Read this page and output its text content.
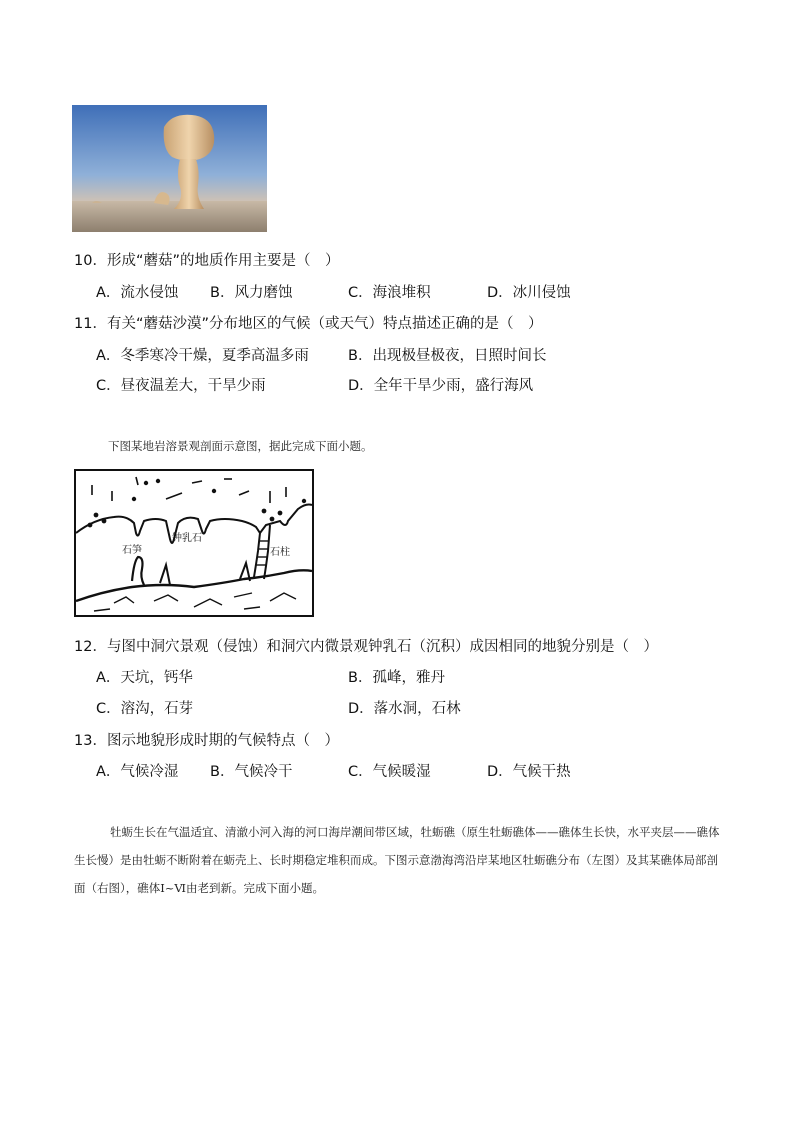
10．形成“蘑菇”的地质作用主要是（　）
A．流水侵蚀 B．风力磨蚀	C．海浪堆积	D．冰川侵蚀
11．有关“蘑菇沙漠”分布地区的气候（或天气）特点描述正确的是（　）
A．冬季寒冷干燥，夏季高温多雨	B．出现极昼极夜，日照时间长
C．昼夜温差大，干旱少雨	D．全年干旱少雨，盛行海风
下图某地岩溶景观剖面示意图，据此完成下面小题。
钟乳石
石笋	石柱
12．与图中洞穴景观（侵蚀）和洞穴内微景观钟乳石（沉积）成因相同的地貌分别是（　）
A．天坑，钙华	B．孤峰，雅丹
C．溶沟，石芽	D．落水洞，石林
13．图示地貌形成时期的气候特点（　）
A．气候冷湿 B．气候冷干	C．气候暖湿	D．气候干热
牡蛎生长在气温适宜、清澈小河入海的河口海岸潮间带区域，牡蛎礁（原生牡蛎礁体——礁体生长快，水平夹层——礁体生长慢）是由牡蛎不断附着在蛎壳上、长时期稳定堆积而成。下图示意渤海湾沿岸某地区牡蛎礁分布（左图）及其某礁体局部剖面（右图），礁体Ⅰ~Ⅵ由老到新。完成下面小题。
